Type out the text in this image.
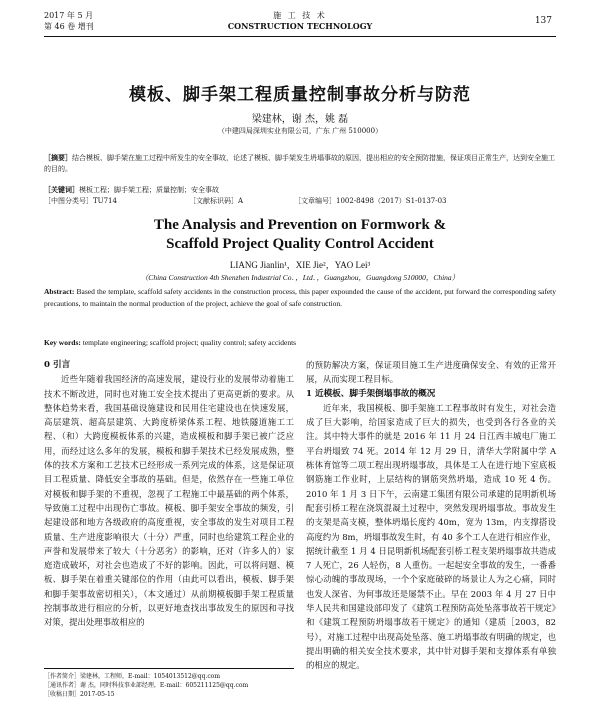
2017 年 5 月
第 46 卷 增刊
施 工 技 术
CONSTRUCTION TECHNOLOGY	137
模板、脚手架工程质量控制事故分析与防范
梁建林，谢 杰，姚 磊
（中建四局深圳实业有限公司，广东 广州 510000）
［摘要］结合模板、脚手架在施工过程中所发生的安全事故，论述了模板、脚手架发生坍塌事故的原因，提出相应的安全预防措施，保证项目正常生产，达到安全施工的目的。
［关键词］模板工程；脚手架工程；质量控制；安全事故
［中图分类号］TU714	［文献标识码］A	［文章编号］1002-8498（2017）S1-0137-03
The Analysis and Prevention on Formwork &
Scaffold Project Quality Control Accident
LIANG Jianlin¹，XIE Jie²，YAO Lei³
（China Construction 4th Shenzhen Industrial Co．，Ltd．，Guangzhou，Guangdong 510000，China）
Abstract: Based the template, scaffold safety accidents in the construction process, this paper expounded the cause of the accident, put forward the corresponding safety precautions, to maintain the normal production of the project, achieve the goal of safe construction.
Key words: template engineering; scaffold project; quality control; safety accidents
0 引言

近些年随着我国经济的高速发展，建设行业的发展带动着施工技术不断改进，同时也对施工安全技术提出了更高更新的要求。从整体趋势来看，我国基础设施建设和民用住宅建设也在快速发展，高层建筑、超高层建筑、大跨度桥梁体系工程、地铁隧道施工工程、（和）大跨度模板体系的兴建，造成模板和脚手架已被广泛应用，而经过这么多年的发展，模板和脚手架技术已经发展成熟，整体的技术方案和工艺技术已经形成一系列完成的体系，这是保证项目工程质量、降低安全事故的基础。但是，依然存在一些施工单位对模板和脚手架的不重视，忽视了工程施工中最基础的两个体系，导致施工过程中出现伤亡事故。模板、脚手架安全事故的频发，引起建设部和地方各级政府的高度重视，安全事故的发生对项目工程质量、生产进度影响很大（十分）严重，同时也给建筑工程企业的声誉和发展带来了较大（十分恶劣）的影响，还对（许多人的）家庭造成破坏，对社会也造成了不好的影响。因此，可以将问题、模板、脚手架在着重关键部位的作用（由此可以看出，模板、脚手架和脚手架事故密切相关），（本文通过）从前期模板脚手架工程质量控制事故进行相应的分析，以更好地查找出事故发生的原因和寻找对策，提出处理事故相应的

的预防解决方案，保证项目施工生产进度确保安全、有效的正常开展，从而实现工程目标。

1 近模板、脚手架倒塌事故的概况

近年来，我国模板、脚手架施工工程事故时有发生，对社会造成了巨大影响，给国家造成了巨大的损失，也受到各行各业的关注。其中特大事件的就是 2016 年 11 月 24 日江西丰城电厂施工平台坍塌致 74 死。2014 年 12 月 29 日，清华大学附属中学 A 栋体育馆等二项工程出现坍塌事故，具体是工人在进行地下室底板钢筋施工作业时，上层结构的钢筋突然坍塌，造成 10 死 4 伤。2010 年 1 月 3 日下午，云南建工集团有限公司承建的昆明新机场配套引桥工程在浇筑混凝土过程中，突然发现坍塌事故。事故发生的支架是高支模，整体坍塌长度约 40m，宽为 13m，内支撑搭设高度约为 8m，坍塌事故发生时，有 40 多个工人在进行相应作业，据统计截至 1 月 4 日昆明新机场配套引桥工程支架坍塌事故共造成 7 人死亡，26 人轻伤，8 人重伤。一起起安全事故的发生，一番番惊心动魄的事故现场，一个个家庭破碎的场景让人为之心痛，同时也发人深省、为何事故还是屡禁不止。早在 2003 年 4 月 27 日中华人民共和国建设部印发了《建筑工程预防高处坠落事故若干规定》和《建筑工程预防坍塌事故若干规定》的通知（建质［2003，82 号），对施工过程中出现高处坠落、施工坍塌事故有明确的规定，也提出明确的相关安全技术要求，其中针对脚手架和支撑体系有单独的相应的规定。

［作者简介］梁建林，工程师，E-mail：1054013512@qq.com
［通讯作者］谢 杰，同时科技事业部经理，E-mail：605211125@qq.com
［收稿日期］2017-05-15
